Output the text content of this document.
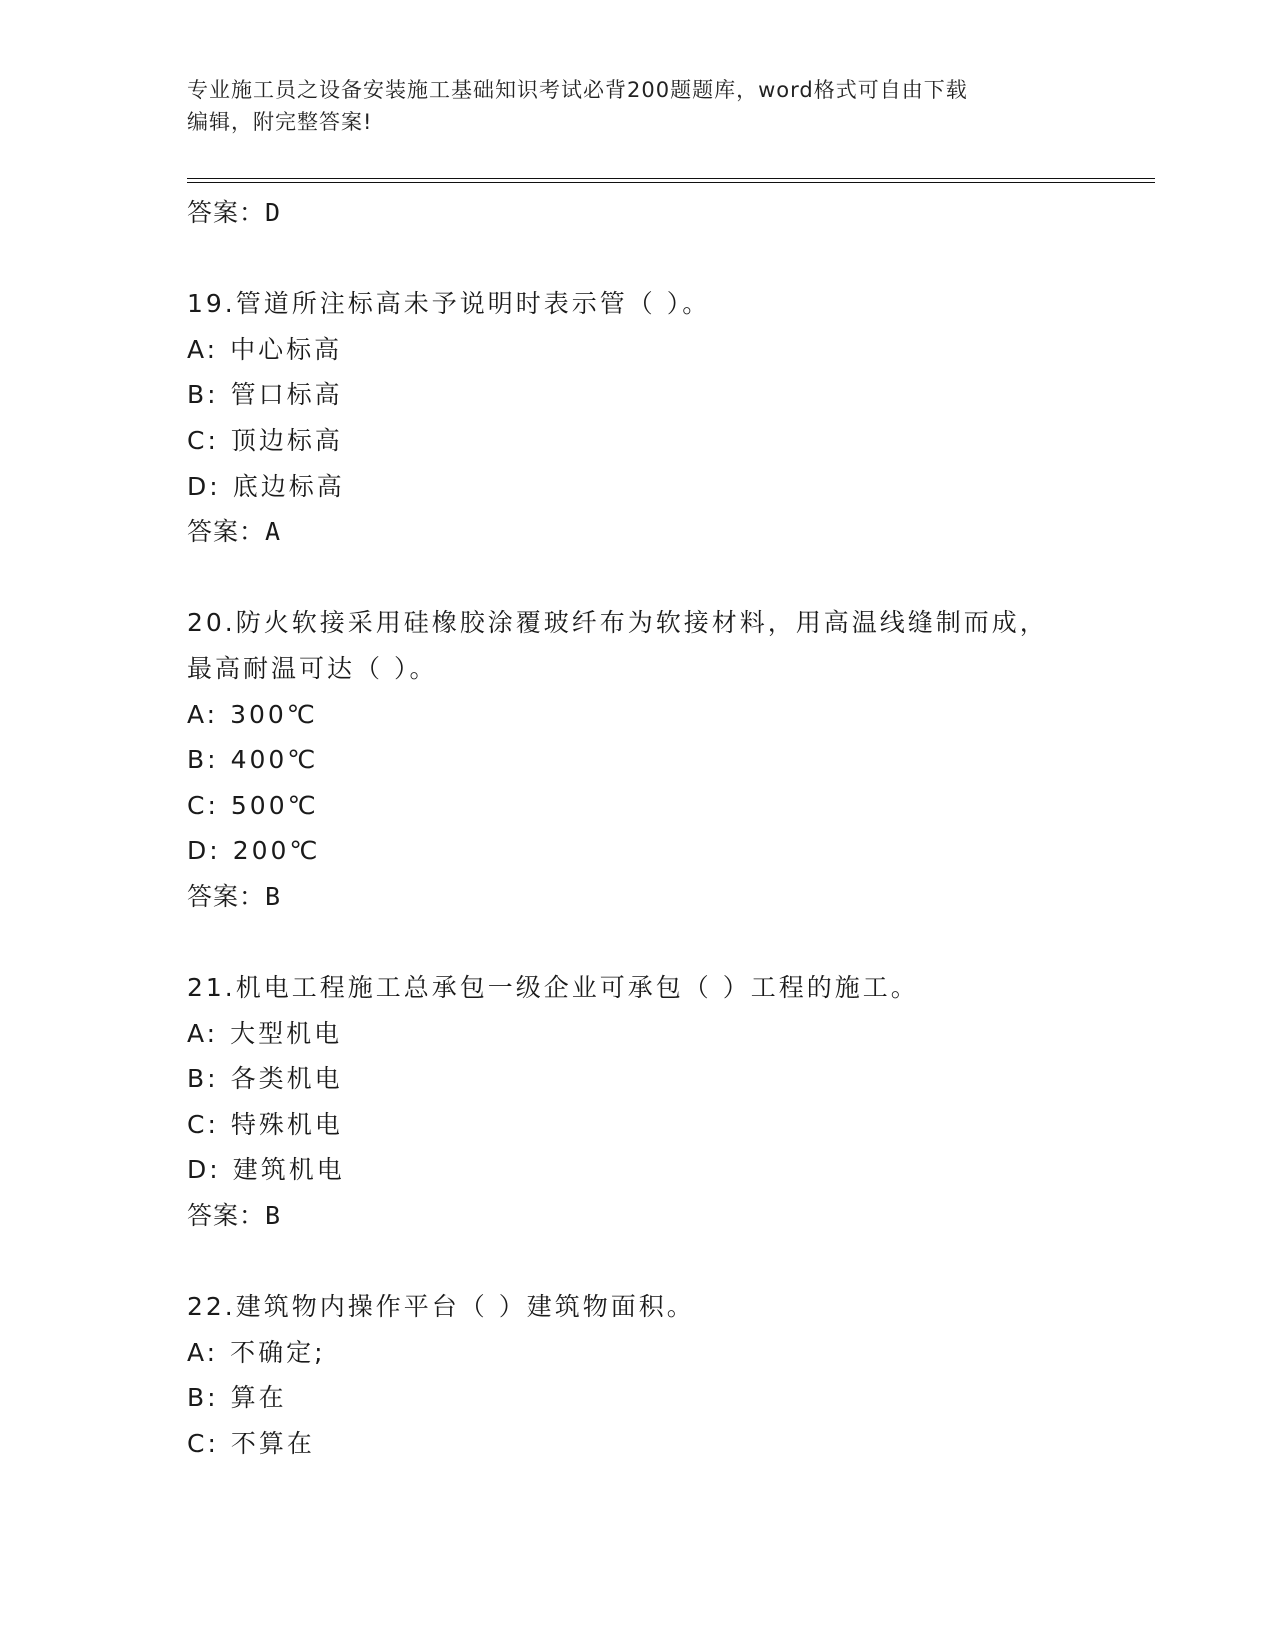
专业施工员之设备安装施工基础知识考试必背200题题库，word格式可自由下载
编辑，附完整答案!
答案：D
19.管道所注标高未予说明时表示管（ ）。
A: 中心标高
B: 管口标高
C: 顶边标高
D: 底边标高
答案：A
20.防火软接采用硅橡胶涂覆玻纤布为软接材料，用高温线缝制而成，
最高耐温可达（ ）。
A: 300℃
B: 400℃
C: 500℃
D: 200℃
答案：B
21.机电工程施工总承包一级企业可承包（ ）工程的施工。
A: 大型机电
B: 各类机电
C: 特殊机电
D: 建筑机电
答案：B
22.建筑物内操作平台（ ）建筑物面积。
A: 不确定;
B: 算在
C: 不算在
